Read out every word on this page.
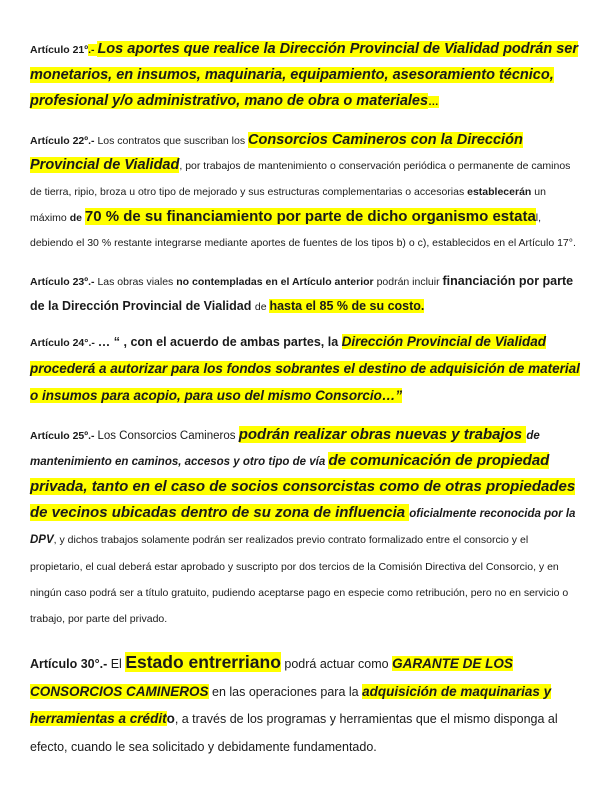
Artículo 21º.- Los aportes que realice la Dirección Provincial de Vialidad podrán ser monetarios, en insumos, maquinaria, equipamiento, asesoramiento técnico, profesional y/o administrativo, mano de obra o materiales…

Artículo 22º.- Los contratos que suscriban los Consorcios Camineros con la Dirección Provincial de Vialidad, por trabajos de mantenimiento o conservación periódica o permanente de caminos de tierra, ripio, broza u otro tipo de mejorado y sus estructuras complementarias o accesorias establecerán un máximo de 70 % de su financiamiento por parte de dicho organismo estatal, debiendo el 30 % restante integrarse mediante aportes de fuentes de los tipos b) o c), establecidos en el Artículo 17°.

Artículo 23º.- Las obras viales no contempladas en el Artículo anterior podrán incluir financiación por parte de la Dirección Provincial de Vialidad de hasta el 85 % de su costo.

Artículo 24°.- … “ , con el acuerdo de ambas partes, la Dirección Provincial de Vialidad procederá a autorizar para los fondos sobrantes el destino de adquisición de material o insumos para acopio, para uso del mismo Consorcio…”

Artículo 25º.- Los Consorcios Camineros podrán realizar obras nuevas y trabajos de mantenimiento en caminos, accesos y otro tipo de vía de comunicación de propiedad privada, tanto en el caso de socios consorcistas como de otras propiedades de vecinos ubicadas dentro de su zona de influencia oficialmente reconocida por la DPV, y dichos trabajos solamente podrán ser realizados previo contrato formalizado entre el consorcio y el propietario, el cual deberá estar aprobado y suscripto por dos tercios de la Comisión Directiva del Consorcio, y en ningún caso podrá ser a título gratuito, pudiendo aceptarse pago en especie como retribución, pero no en servicio o trabajo, por parte del privado.

Artículo 30°.- El Estado entrerriano podrá actuar como GARANTE DE LOS CONSORCIOS CAMINEROS en las operaciones para la adquisición de maquinarias y herramientas a crédito, a través de los programas y herramientas que el mismo disponga al efecto, cuando le sea solicitado y debidamente fundamentado.
